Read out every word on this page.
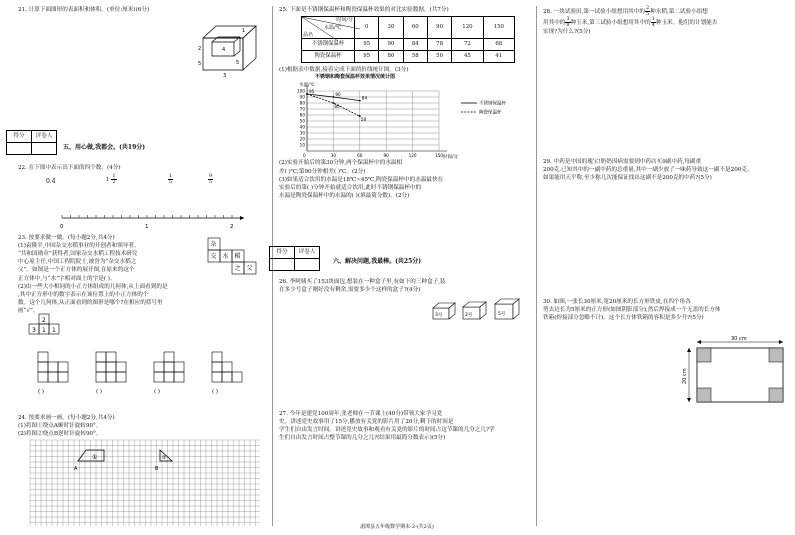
21. 计算下面图形的表面积和体积。(单位:厘米)(6分)

4
5
1
2
5
3
得分	评卷人

五、用心做,我都会。(共19分)

22. 在下图中表示出下面的四个数。(4分)

0.4	$1 \frac{1}{2}$	$\frac{1}{5}$	$\frac{9}{5}$
0	1	2

23. 按要求做一做。(每小题2分,共4分)

(1)袁隆平,中国杂交水稻事业的开创者和领导者。

“共和国勋章”获得者,国家杂交水稻工程技术研究

中心原主任,中国工程院院士,被誉为“杂交水稻之

父”。如图是一个正方体的展开图,在原来的这个

正方体中,与“水”字相对面上的字是( )。

(2)由一些大小相同的小正方体组成的几何体,从上面看到的是

,其中正方形中的数字表示在该位置上的小正方体的个

数。这个几何体,从正面看到的图形是哪个?在相应的括号里

画“√”。

杂
交 水 稻
之 父
2
3 1 1
( )	( )	( )	( )

24. 按要求画一画。(每小题2分,共4分)

(1)将图①绕点A顺时针旋转90°。

(2)将图②绕点B逆时针旋转90°。

①	②
A	B

25. 下面是不锈钢保温杯和陶瓷保温杯效果的对比实验数据。(共7分)

时间/分
水温/℃
品名	0	30	60	90	120	150
不锈钢保温杯	95	90	84	78	72	68
陶瓷保温杯	95	80	58	50	45	41

(1)根据表中数据,接着完成下面的折线统计图。(3分)

不锈钢和陶瓷保温杯效果情况统计图

水温/℃
时间/分
100
90
80
70
60
50
40
30
20
10
0	30	60	90	120	150
95
90
84
不锈钢保温杯
80
58
陶瓷保温杯

(2)实验开始后的第30分钟,两个保温杯中的水温相

差( )℃;第90分钟相差( )℃。(2分)

(3)如果适合饮用的水温是18℃~45℃,陶瓷保温杯中的水温最快在

实验后的第( )分钟开始就适合饮用,此时不锈钢保温杯中的

水温是陶瓷保温杯中的水温的( )(填最简分数)。(2分)

得分	评卷人

六、解决问题,我最棒。(共25分)

26. 李阿姨买了153块面包,想装在一种盒子里,有如下的三种盒子,装

在多少号盒子刚好没有剩余,需要多少个这样的盒子?(4分)

3号	2号	5号

27. 今年是建党100周年,张老师在一节课上(40分)带领大家学习党

史。讲述党史故事用了15分,播放有关党的影片用了20分,剩下的时间是

学生们自由发言时间。讲述党史故事和观看有关党的影片的时间占这节课的几分之几?学

生们自由发言时间占整节课的几分之几?(结果用最简分数表示)(5分)

28. 一块试验田,第一试验小组想用其中的 $\frac{2}{5}$ 种水稻,第二试验小组想

用其中的 $\frac{3}{8}$ 种玉米,第三试验小组想用其中的 $\frac{1}{4}$ 种玉米。他们的计划能否

实现?为什么?(5分)

29. 中药是中国的瑰宝!奶奶因病需要到中药店买9副中药,每副重

200克,已知其中的一副中药的总重量,其中一副少放了一味药导致这一副不是200克。

如果能用天平称,至少称几次能保证找出这副不是200克的中药?(5分)

30. 如图,一张长30厘米,宽20厘米的长方形铁皮,在四个角各

剪去边长为5厘米的正方形(如图阴影部分),然后焊接成一个无盖的长方体

铁箱(焊接部分忽略不计)。这个长方体铁箱的容积是多少升?(5分)

30 cm
20 cm
湄潭县五年级数学期末-2-(共2页)
